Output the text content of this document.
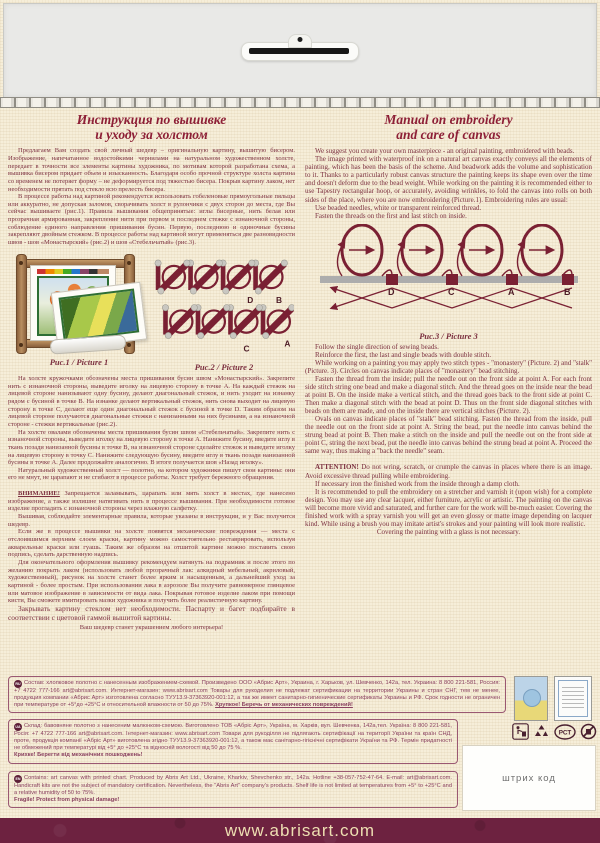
Инструкция по вышивке
и уходу за холстом

Предлагаем Вам создать свой личный шедевр – оригинальную картину, вышитую бисером. Изображение, напечатанное водостойкими чернилами на натуральном художественном холсте, передает в точности все элементы картины художника, по мотивам которой разработана схема, а вышивка бисером придает объем и изысканность. Благодаря особо прочной структуре холста картина со временем не потеряет форму – не деформируется под тяжестью бисера. Покрыв картину лаком, нет необходимости прятать под стекло всю прелесть бисера.

В процессе работы над картиной рекомендуется использовать гобеленовые прямоугольные пяльцы или аккуратно, не допуская заломов, сворачивать холст в рулончики с двух сторон до места, где Вы сейчас вышиваете (рис.1). Правила вышивания общепринятые: иглы бисерные, нить белая или прозрачная армированная, закрепление нити при первом и последнем стежке с изнаночной стороны, соблюдение единого направления пришивания бусин. Первую, последнюю и одиночные бусины закрепляют двойным стежком. В процессе работы над картиной могут применяться две разновидности швов - шов «Монастырский» (рис.2) и шов «Стебельчатый» (рис.3).

Рис.1 / Picture 1
D	B
A
C
Рис.2 / Picture 2

На холсте кружочками обозначены места пришивания бусин швом «Монастырский». Закрепите нить с изнаночной стороны, выведите иголку на лицевую сторону в точке А. На каждый стежок на лицевой стороне нанизывают одну бусину, делают диагональный стежок, и нить уходит на изнанку рядом с бусиной в точке В. На изнанке делают вертикальный стежок, нить снова выходит на лицевую сторону в точке С, делают еще один диагональный стежок с бусиной в точке D. Таким образом на лицевой стороне получаются диагональные стежки с нанизанными на них бусинами, а на изнаночной стороне - стежки вертикальные (рис.2).

На холсте овалами обозначены места пришивания бусин швом «Стебельчатый». Закрепите нить с изнаночной стороны, выведите иголку на лицевую сторону в точке А. Нанижите бусину, введите иглу в ткань позади нанизанной бусины в точке В, на изнаночной стороне сделайте стежок и выведите иголку на лицевую сторону в точку С. Нанижите следующую бусину, введите иглу в ткань позади нанизанной бусины в точке А. Далее продолжайте аналогично. В итоге получается шов «Назад иголку».

Натуральный художественный холст — полотно, на котором художники пишут свои картины: они его не мнут, не царапают и не сгибают в процессе работы. Холст требует бережного обращения.

ВНИМАНИЕ! Запрещается заламывать, царапать или мять холст в местах, где нанесено изображение, а также излишне натягивать нить в процессе вышивания. При необходимости готовое изделие прогладить с изнаночной стороны через влажную салфетку.

Вышивая, соблюдайте элементарные правила, которые указаны в инструкции, и у Вас получится шедевр.

Если же в процессе вышивки на холсте появятся механические повреждения — места с отслоившимся верхним слоем краски, картину можно самостоятельно реставрировать, используя акварельные краски или гуашь. Таким же образом на отшитой картине можно поставить свою подпись, сделать дарственную надпись.

Для окончательного оформления вышивку рекомендуем натянуть на подрамник и после этого по желанию покрыть лаком (использовать любой прозрачный лак: алкидный мебельный, акриловый, художественный), рисунок на холсте станет более ярким и насыщенным, а дальнейший уход за картиной - более простым. При использовании лака в аэрозоле Вы получите равномерное глянцевое или матовое изображение в зависимости от вида лака. Покрывая готовое изделие лаком при помощи кисти, Вы сможете имитировать мазки художника и получить более реалистичную картину.

Закрывать картину стеклом нет необходимости. Паспарту и багет подбирайте в соответствии с цветовой гаммой вышитой картины.

Ваш шедевр станет украшением любого интерьера!

Manual on embroidery
and care of canvas

We suggest you create your own masterpiece - an original painting, embroidered with beads.

The image printed with waterproof ink on a natural art canvas exactly conveys all the elements of painting, which has been the basis of the scheme. And beadwork adds the volume and sophistication to it. Thanks to a particularly robust canvas structure the painting keeps its shape even over the time and doesn't deform due to the bead weight. While working on the painting it is recommended either to use Tapestry rectangular hoop, or accurately, avoiding wrinkles, to fold the canvas into rolls on both sides of the place, where you are now embroidering (Picture.1). Embroidering rules are usual:

Use beaded needles, white or transparent reinforced thread.

Fasten the threads on the first and last stitch on inside.

D	C	A	B
Рис.3 / Picture 3

Follow the single direction of sewing beads.

Reinforce the first, the last and single beads with double stitch.

While working on a painting you may apply two stitch types - "monastery" (Picture. 2) and "stalk" (Picture. 3). Circles on canvas indicate places of "monastery" bead stitching.

Fasten the thread from the inside; pull the needle out on the front side at point A. For each front side stitch string one bead and make a diagonal stitch. And the thread goes on the inside near the bead at point B. On the inside make a vertical stitch, and the thread goes back to the front side at point C. Then make a diagonal stitch with the bead at point D. Thus on the front side diagonal stitches with beads on them are made, and on the inside there are vertical stitches (Picture. 2).

Ovals on canvas indicate places of "stalk" bead stitching. Fasten the thread from the inside, pull the needle out on the front side at point A. String the bead, put the needle into canvas behind the strung bead at point B. Then make a stitch on the inside and pull the needle out on the front side at point C, string the next bead, put the needle into canvas behind the strung bead at point A. Proceed the same way, thus making a "back the needle" seam.

ATTENTION! Do not wring, scratch, or crumple the canvas in places where there is an image. Avoid excessive thread pulling while embroidering.

If necessary iron the finished work from the inside through a damp cloth.

It is recommended to pull the embroidery on a stretcher and varnish it (upon wish) for a complete design. You may use any clear lacquer, either furniture, acrylic or artistic. The painting on the canvas will become more vivid and saturated, and further care for the work will be-much easier. Covering the finished work with a spray varnish you will get an even glossy or matte image depending on lacquer kind. While using a brush you may imitate artist's strokes and your painting will look more realistic.

Covering the painting with a glass is not necessary.

RU Состав: хлопковое полотно с нанесенным изображением-схемой. Произведено ООО «Абрис Арт», Украина, г. Харьков, ул. Шевченко, 142а, тел. Украина: 8 800 221-581, Россия: +7 4722 777-166 art@abrisart.com. Интернет-магазин: www.abrisart.com Товары для рукоделия не подлежат сертификации на территории Украины и стран СНГ, тем не менее, продукция компании «Абрис Арт» изготовлена согласно ТУУ13.9-37363920-001:12, а так же имеет санитарно-гигиенические сертификаты Украины и РФ. Срок годности не ограничен при температуре от +5°до +25°С и относительной влажности от 50 до 75%. Хрупкое! Беречь от механических повреждений!
РСТ
штрих код
UA Склад: бавовняне полотно з нанесеним малюнком-схемою. Виготовлено ТОВ «Абріс Арт», Україна, м. Харків, вул. Шевченка, 142а,тел. Україна: 8 800 221-581, Росія: +7 4722 777-166 art@abrisart.com. Інтернет-магазин: www.abrisart.com Товари для рукоділля не підлягають сертифікації на території України та країн СНД, проте, продукція компанії «Абріс Арт» виготовлена згідно ТУУ13.9-37363920-001:12, а також має санітарно-гігієнічні сертифікати України та РФ. Термін придатності не обмежений при температурі від +5° до +25°С та відносній вологості від 50 до 75 %.
Крихке! Берегти від механічних пошкоджень!
EN Contains: art canvas with printed chart. Produced by Abris Art Ltd., Ukraine, Kharkiv, Shevchenko str., 142a. Hotline +38-057-752-47-64. E-mail: art@abrisart.com. Handicraft kits are not the subject of mandatory certification. Nevertheless, the "Abris Art" company's products. Shelf life is not limited at temperatures from +5° to +25°C and a relative humidity of 50 to 75%.
Fragile! Protect from physical damage!
www.abrisart.com
